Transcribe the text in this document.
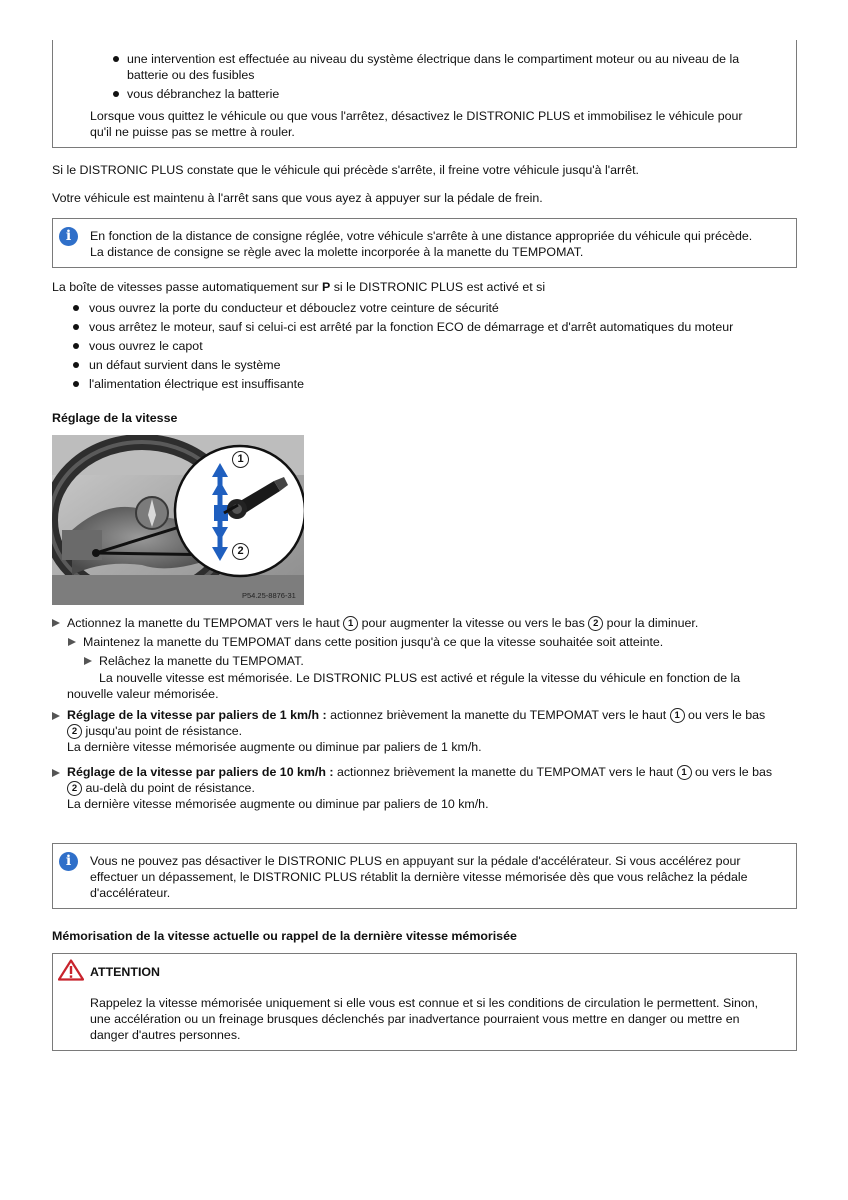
une intervention est effectuée au niveau du système électrique dans le compartiment moteur ou au niveau de la
batterie ou des fusibles

vous débranchez la batterie

Lorsque vous quittez le véhicule ou que vous l'arrêtez, désactivez le DISTRONIC PLUS et immobilisez le véhicule pour
qu'il ne puisse pas se mettre à rouler.

Si le DISTRONIC PLUS constate que le véhicule qui précède s'arrête, il freine votre véhicule jusqu'à l'arrêt.

Votre véhicule est maintenu à l'arrêt sans que vous ayez à appuyer sur la pédale de frein.

i	En fonction de la distance de consigne réglée, votre véhicule s'arrête à une distance appropriée du véhicule qui précède.
La distance de consigne se règle avec la molette incorporée à la manette du TEMPOMAT.

La boîte de vitesses passe automatiquement sur P si le DISTRONIC PLUS est activé et si

vous ouvrez la porte du conducteur et débouclez votre ceinture de sécurité

vous arrêtez le moteur, sauf si celui-ci est arrêté par la fonction ECO de démarrage et d'arrêt automatiques du moteur

vous ouvrez le capot

un défaut survient dans le système

l'alimentation électrique est insuffisante

Réglage de la vitesse

1
2
P54.25-8876-31

Actionnez la manette du TEMPOMAT vers le haut 1 pour augmenter la vitesse ou vers le bas 2 pour la diminuer.

Maintenez la manette du TEMPOMAT dans cette position jusqu'à ce que la vitesse souhaitée soit atteinte.

Relâchez la manette du TEMPOMAT.

La nouvelle vitesse est mémorisée. Le DISTRONIC PLUS est activé et régule la vitesse du véhicule en fonction de la
nouvelle valeur mémorisée.

Réglage de la vitesse par paliers de 1 km/h : actionnez brièvement la manette du TEMPOMAT vers le haut 1 ou vers le bas
2 jusqu'au point de résistance.
La dernière vitesse mémorisée augmente ou diminue par paliers de 1 km/h.

Réglage de la vitesse par paliers de 10 km/h : actionnez brièvement la manette du TEMPOMAT vers le haut 1 ou vers le bas
2 au-delà du point de résistance.
La dernière vitesse mémorisée augmente ou diminue par paliers de 10 km/h.

i	Vous ne pouvez pas désactiver le DISTRONIC PLUS en appuyant sur la pédale d'accélérateur. Si vous accélérez pour
effectuer un dépassement, le DISTRONIC PLUS rétablit la dernière vitesse mémorisée dès que vous relâchez la pédale
d'accélérateur.

Mémorisation de la vitesse actuelle ou rappel de la dernière vitesse mémorisée

ATTENTION

Rappelez la vitesse mémorisée uniquement si elle vous est connue et si les conditions de circulation le permettent. Sinon,
une accélération ou un freinage brusques déclenchés par inadvertance pourraient vous mettre en danger ou mettre en
danger d'autres personnes.
